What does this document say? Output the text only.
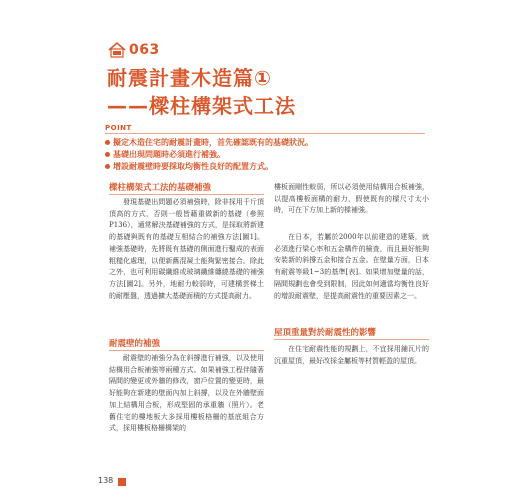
063
耐震計畫木造篇①
——樑柱構架式工法
POINT
擬定木造住宅的耐震計畫時，首先確認既有的基礎狀況。
基礎出現問題時必須進行補強。
增設耐震壁時要採取均衡性良好的配置方式。
樑柱構架式工法的基礎補強
發現基礎出問題必須補強時，除非採用千斤頂頂高的方式，否則一般皆藉重做新的基礎（參照P136），通常解決基礎補強的方式，是採取將新建的基礎與既有的基礎互相結合的補強方法[圖1]。補強基礎時，先將既有基礎的側面進行鑿成的表面粗糙化處理，以便新舊混凝土能夠緊密接合。除此之外，也可利用碳纖維或玻璃纖維纏繞基礎的補強方法[圖2]。另外，地耐力較弱時，可建構雲梯土的耐壓盤，透過擴大基礎面積的方式提高耐力。
耐震壁的補強
耐震壁的補強分為在斜撐進行補強，以及使用結構用合板補強等兩種方式。如果補強工程伴隨著隔間的變更或外牆的修改，窗戶位置的變更時，最好能夠在新建的壁面內加上斜撐，以及在外牆壁面加上結構用合板，形成堅固的承重牆（照片）。老舊住宅的樓地板大多採用樓板格柵的基底組合方式，採用樓板格柵構架的
樓板面剛性較弱，所以必須使用結構用合板補強，以提高樓板面構的耐力，假使既有的樑尺寸太小時，可在下方加上新的樑補強。
在日本，若屬於2000年以前建造的建築，就必須進行梁心率和五金構件的檢查，而且最好能夠安裝新的斜撐五金和接合五金。在壁量方面，日本有耐震等級1~3的基準[表]。如果增加壁量的話，隔間規劃也會受到限制，因此如何適當均衡性良好的增設耐震壁，是提高耐震性的重要因素之一。
屋頂重量對於耐震性的影響
在住宅耐震性能的規劃上，不宜採用鋪瓦片的沉重屋頂，最好改採金屬板等材質輕盈的屋頂。
138
